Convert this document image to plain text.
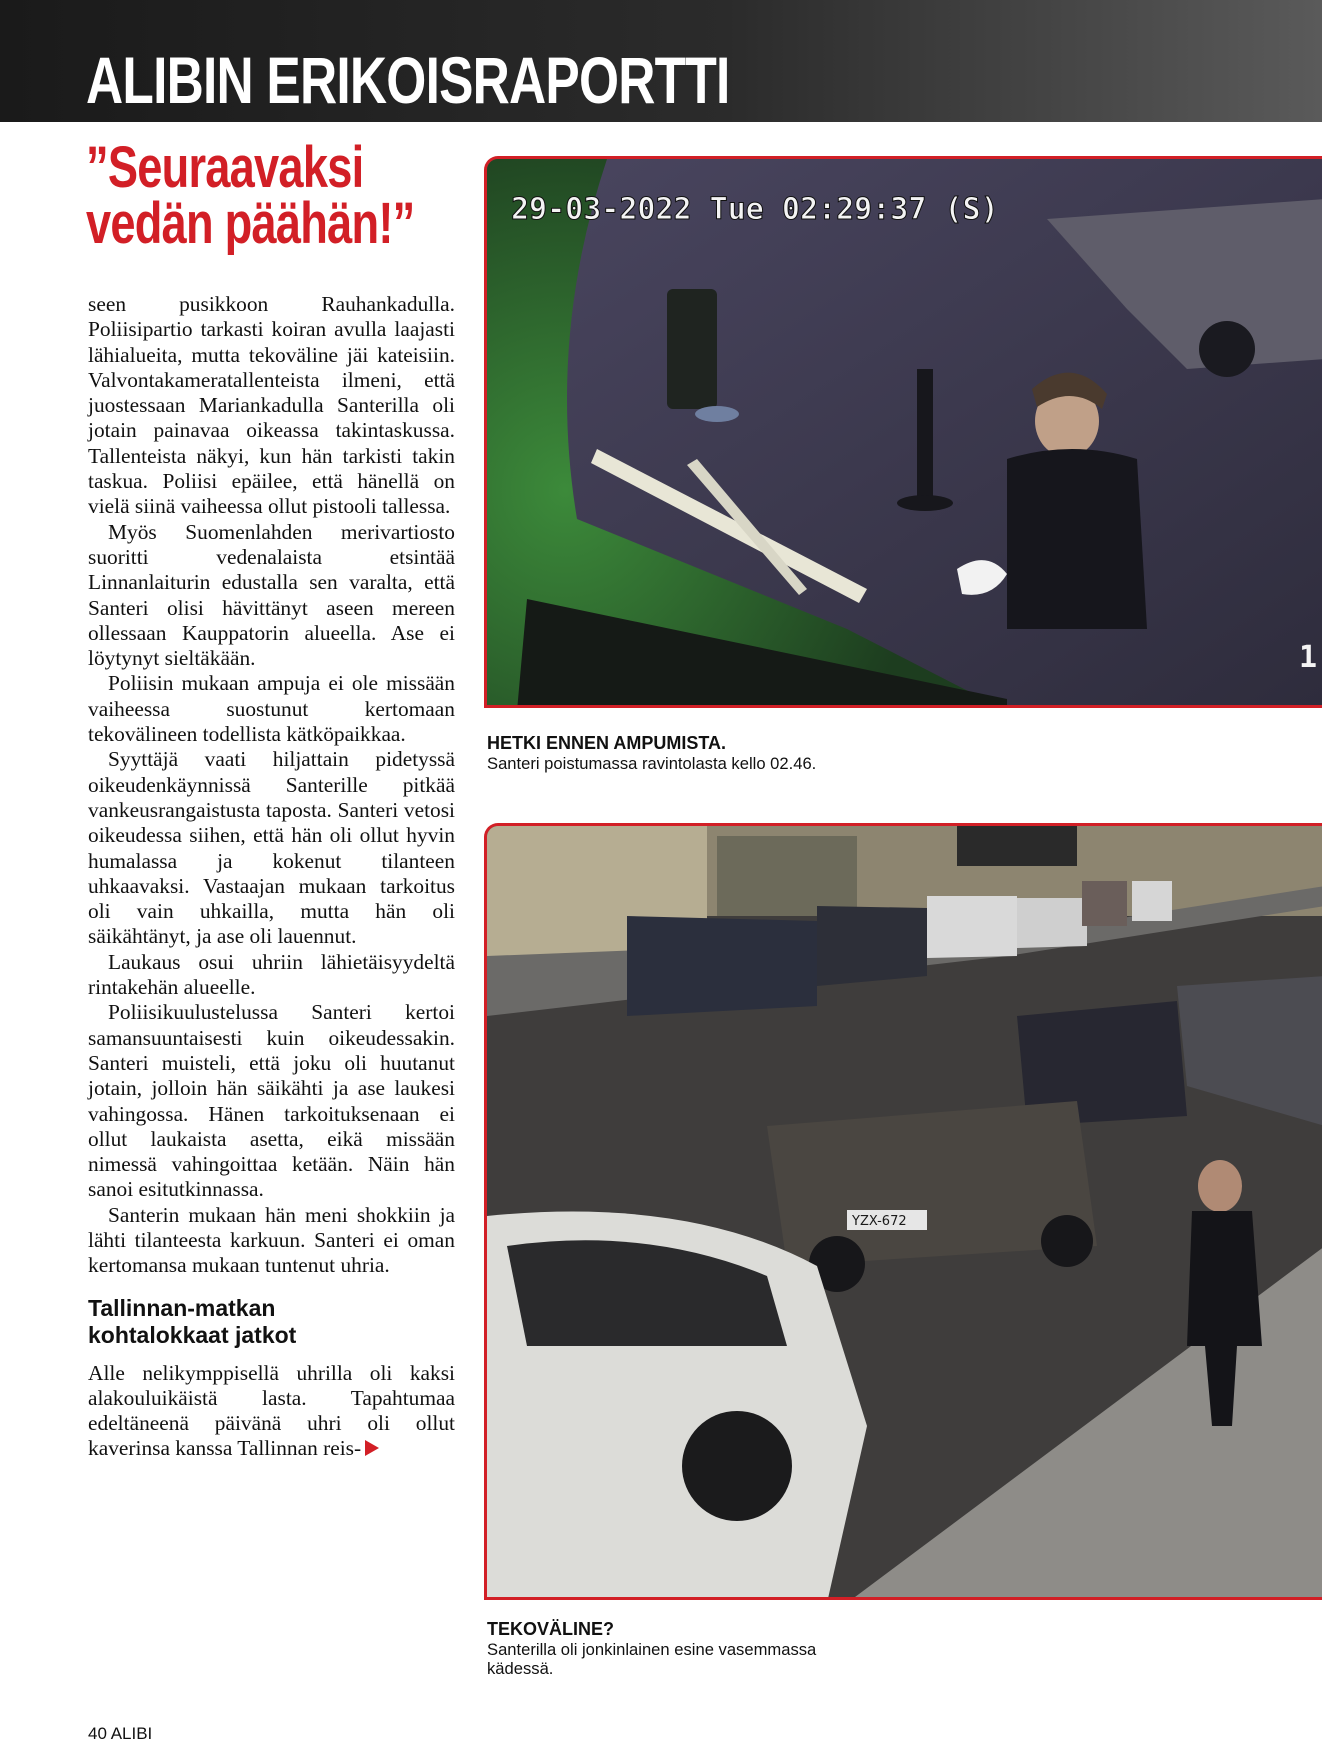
ALIBIN ERIKOISRAPORTTI
”Seuraavaksi
vedän päähän!”

seen pusikkoon Rauhankadulla. Poliisipartio tarkasti koiran avulla laajasti lähialueita, mutta tekoväline jäi kateisiin. Valvontakameratallenteista ilmeni, että juostessaan Mariankadulla Santerilla oli jotain painavaa oikeassa takintaskussa. Tallenteista näkyi, kun hän tarkisti takin taskua. Poliisi epäilee, että hänellä on vielä siinä vaiheessa ollut pistooli tallessa.

Myös Suomenlahden merivartiosto suoritti vedenalaista etsintää Linnanlaiturin edustalla sen varalta, että Santeri olisi hävittänyt aseen mereen ollessaan Kauppatorin alueella. Ase ei löytynyt sieltäkään.

Poliisin mukaan ampuja ei ole missään vaiheessa suostunut kertomaan tekovälineen todellista kätköpaikkaa.

Syyttäjä vaati hiljattain pidetyssä oikeudenkäynnissä Santerille pitkää vankeusrangaistusta taposta. Santeri vetosi oikeudessa siihen, että hän oli ollut hyvin humalassa ja kokenut tilanteen uhkaavaksi. Vastaajan mukaan tarkoitus oli vain uhkailla, mutta hän oli säikähtänyt, ja ase oli lauennut.

Laukaus osui uhriin lähietäisyydeltä rintakehän alueelle.

Poliisikuulustelussa Santeri kertoi samansuuntaisesti kuin oikeudessakin. Santeri muisteli, että joku oli huutanut jotain, jolloin hän säikähti ja ase laukesi vahingossa. Hänen tarkoituksenaan ei ollut laukaista asetta, eikä missään nimessä vahingoittaa ketään. Näin hän sanoi esitutkinnassa.

Santerin mukaan hän meni shokkiin ja lähti tilanteesta karkuun. Santeri ei oman kertomansa mukaan tuntenut uhria.

Tallinnan-matkan
kohtalokkaat jatkot

Alle nelikymppisellä uhrilla oli kaksi alakouluikäistä lasta. Tapahtumaa edeltäneenä päivänä uhri oli ollut kaverinsa kanssa Tallinnan reis-

29-03-2022 Tue 02:29:37 (S)
1
HETKI ENNEN AMPUMISTA.
Santeri poistumassa ravintolasta kello 02.46.
YZX-672
TEKOVÄLINE?
Santerilla oli jonkinlainen esine vasemmassa kädessä.
40 ALIBI
